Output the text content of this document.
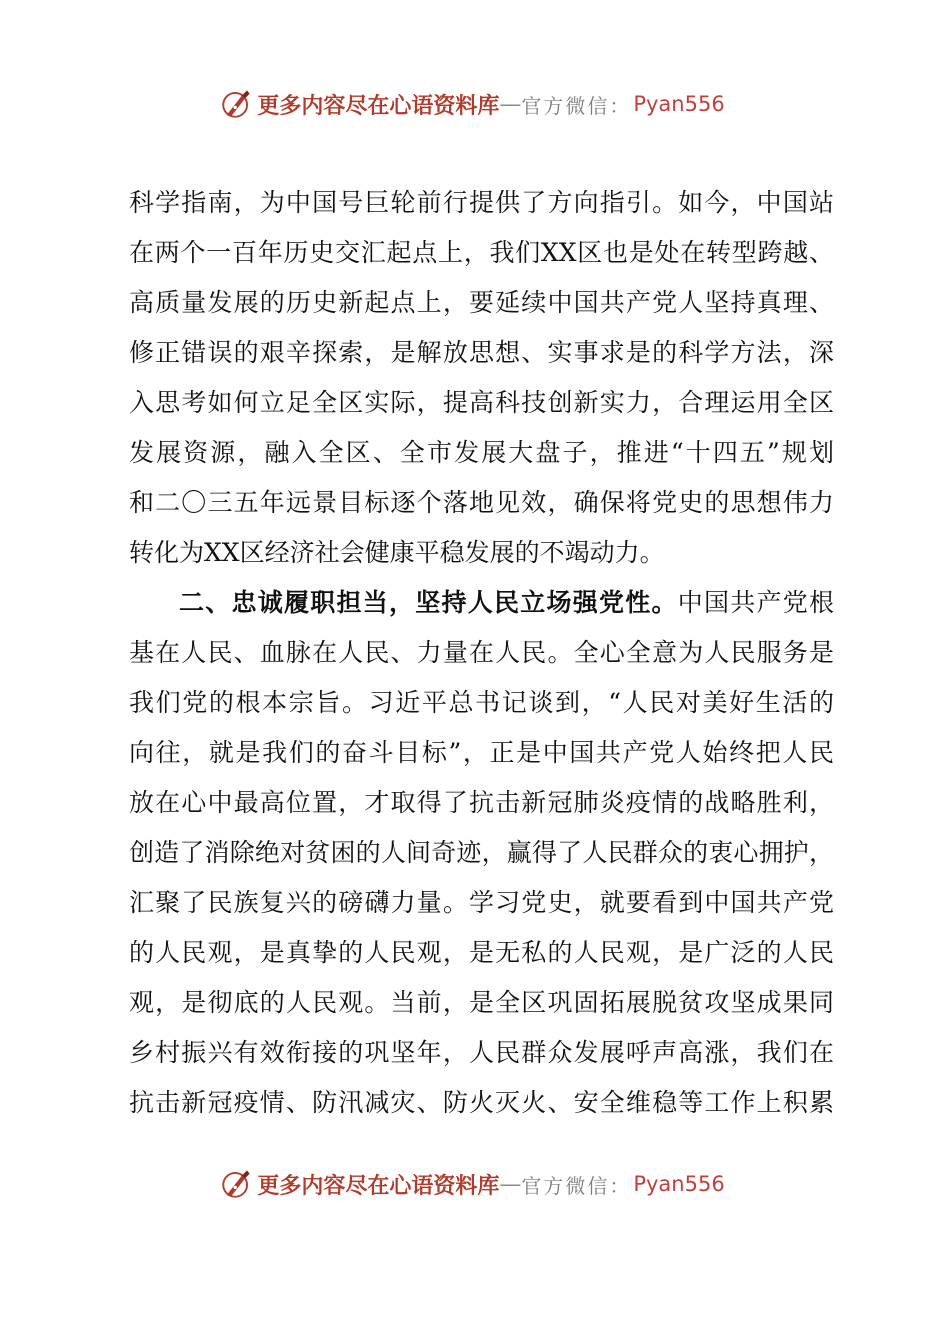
更多内容尽在心语资料库 — 官方微信： Pyan556
科学指南，为中国号巨轮前行提供了方向指引。如今，中国站
在两个一百年历史交汇起点上，我们XX区也是处在转型跨越、
高质量发展的历史新起点上，要延续中国共产党人坚持真理、
修正错误的艰辛探索，是解放思想、实事求是的科学方法，深
入思考如何立足全区实际，提高科技创新实力，合理运用全区
发展资源，融入全区、全市发展大盘子，推进“十四五”规划
和二〇三五年远景目标逐个落地见效，确保将党史的思想伟力
转化为XX区经济社会健康平稳发展的不竭动力。
二、忠诚履职担当，坚持人民立场强党性。中国共产党根
基在人民、血脉在人民、力量在人民。全心全意为人民服务是
我们党的根本宗旨。习近平总书记谈到，“人民对美好生活的
向往，就是我们的奋斗目标”，正是中国共产党人始终把人民
放在心中最高位置，才取得了抗击新冠肺炎疫情的战略胜利，
创造了消除绝对贫困的人间奇迹，赢得了人民群众的衷心拥护，
汇聚了民族复兴的磅礴力量。学习党史，就要看到中国共产党
的人民观，是真挚的人民观，是无私的人民观，是广泛的人民
观，是彻底的人民观。当前，是全区巩固拓展脱贫攻坚成果同
乡村振兴有效衔接的巩坚年，人民群众发展呼声高涨，我们在
抗击新冠疫情、防汛减灾、防火灭火、安全维稳等工作上积累
更多内容尽在心语资料库 — 官方微信： Pyan556
